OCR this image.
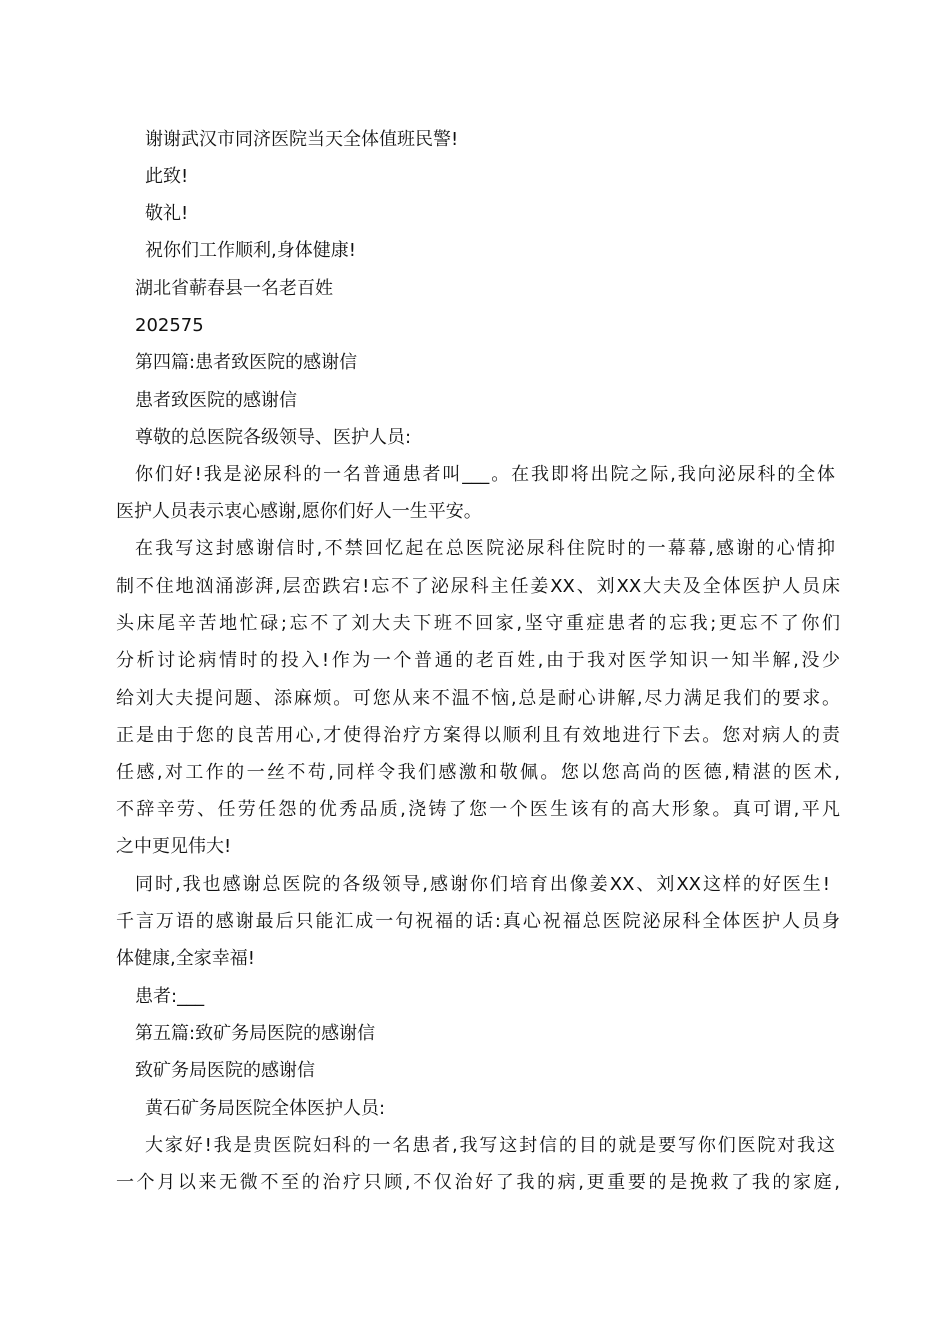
谢谢武汉市同济医院当天全体值班民警!
此致!
敬礼!
祝你们工作顺利,身体健康!
湖北省蕲春县一名老百姓
202575
第四篇:患者致医院的感谢信
患者致医院的感谢信
尊敬的总医院各级领导、医护人员:
你们好!我是泌尿科的一名普通患者叫___。在我即将出院之际,我向泌尿科的全体
医护人员表示衷心感谢,愿你们好人一生平安。
在我写这封感谢信时,不禁回忆起在总医院泌尿科住院时的一幕幕,感谢的心情抑
制不住地汹涌澎湃,层峦跌宕!忘不了泌尿科主任姜XX、刘XX大夫及全体医护人员床
头床尾辛苦地忙碌;忘不了刘大夫下班不回家,坚守重症患者的忘我;更忘不了你们
分析讨论病情时的投入!作为一个普通的老百姓,由于我对医学知识一知半解,没少
给刘大夫提问题、添麻烦。可您从来不温不恼,总是耐心讲解,尽力满足我们的要求。
正是由于您的良苦用心,才使得治疗方案得以顺利且有效地进行下去。您对病人的责
任感,对工作的一丝不苟,同样令我们感激和敬佩。您以您高尚的医德,精湛的医术,
不辞辛劳、任劳任怨的优秀品质,浇铸了您一个医生该有的高大形象。真可谓,平凡
之中更见伟大!
同时,我也感谢总医院的各级领导,感谢你们培育出像姜XX、刘XX这样的好医生!
千言万语的感谢最后只能汇成一句祝福的话:真心祝福总医院泌尿科全体医护人员身
体健康,全家幸福!
患者:___
第五篇:致矿务局医院的感谢信
致矿务局医院的感谢信
黄石矿务局医院全体医护人员:
大家好!我是贵医院妇科的一名患者,我写这封信的目的就是要写你们医院对我这
一个月以来无微不至的治疗只顾,不仅治好了我的病,更重要的是挽救了我的家庭,
